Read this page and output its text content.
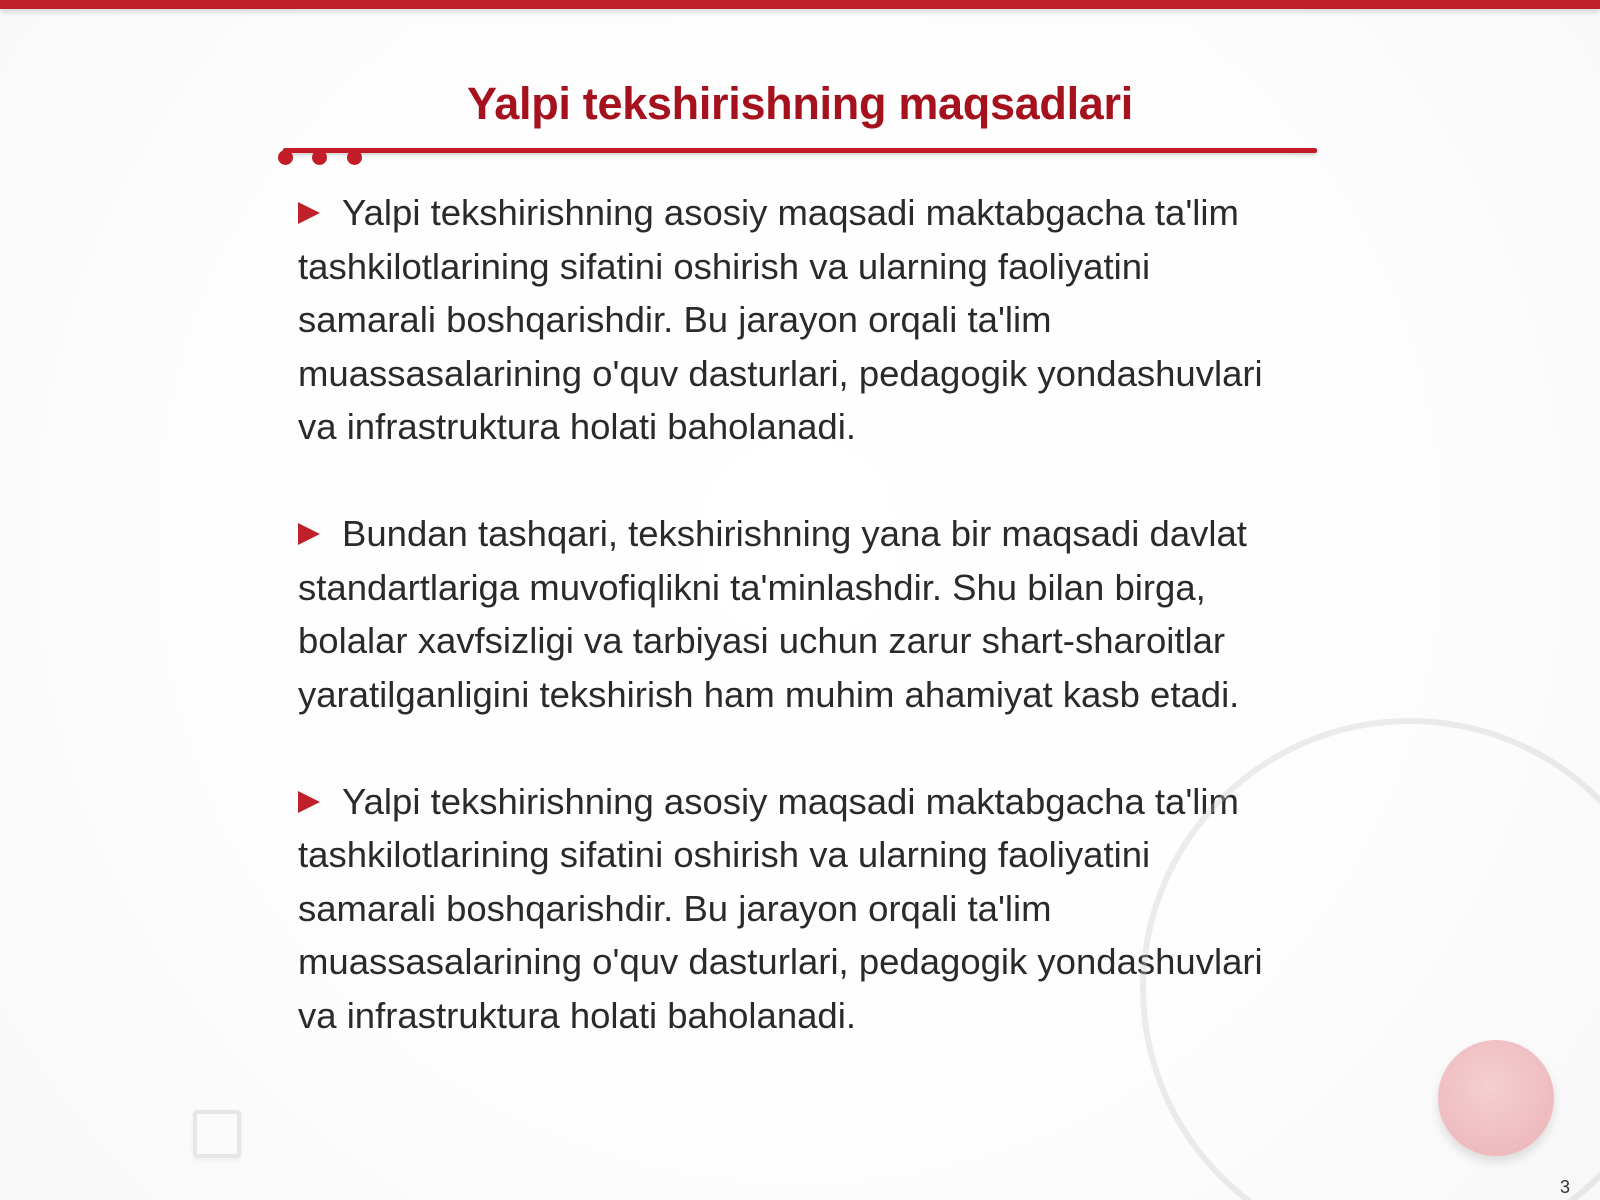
Yalpi tekshirishning maqsadlari

Yalpi tekshirishning asosiy maqsadi maktabgacha ta'lim tashkilotlarining sifatini oshirish va ularning faoliyatini samarali boshqarishdir. Bu jarayon orqali ta'lim muassasalarining o'quv dasturlari, pedagogik yondashuvlari va infrastruktura holati baholanadi.

Bundan tashqari, tekshirishning yana bir maqsadi davlat standartlariga muvofiqlikni ta'minlashdir. Shu bilan birga, bolalar xavfsizligi va tarbiyasi uchun zarur shart-sharoitlar yaratilganligini tekshirish ham muhim ahamiyat kasb etadi.

Yalpi tekshirishning asosiy maqsadi maktabgacha ta'lim tashkilotlarining sifatini oshirish va ularning faoliyatini samarali boshqarishdir. Bu jarayon orqali ta'lim muassasalarining o'quv dasturlari, pedagogik yondashuvlari va infrastruktura holati baholanadi.

3
